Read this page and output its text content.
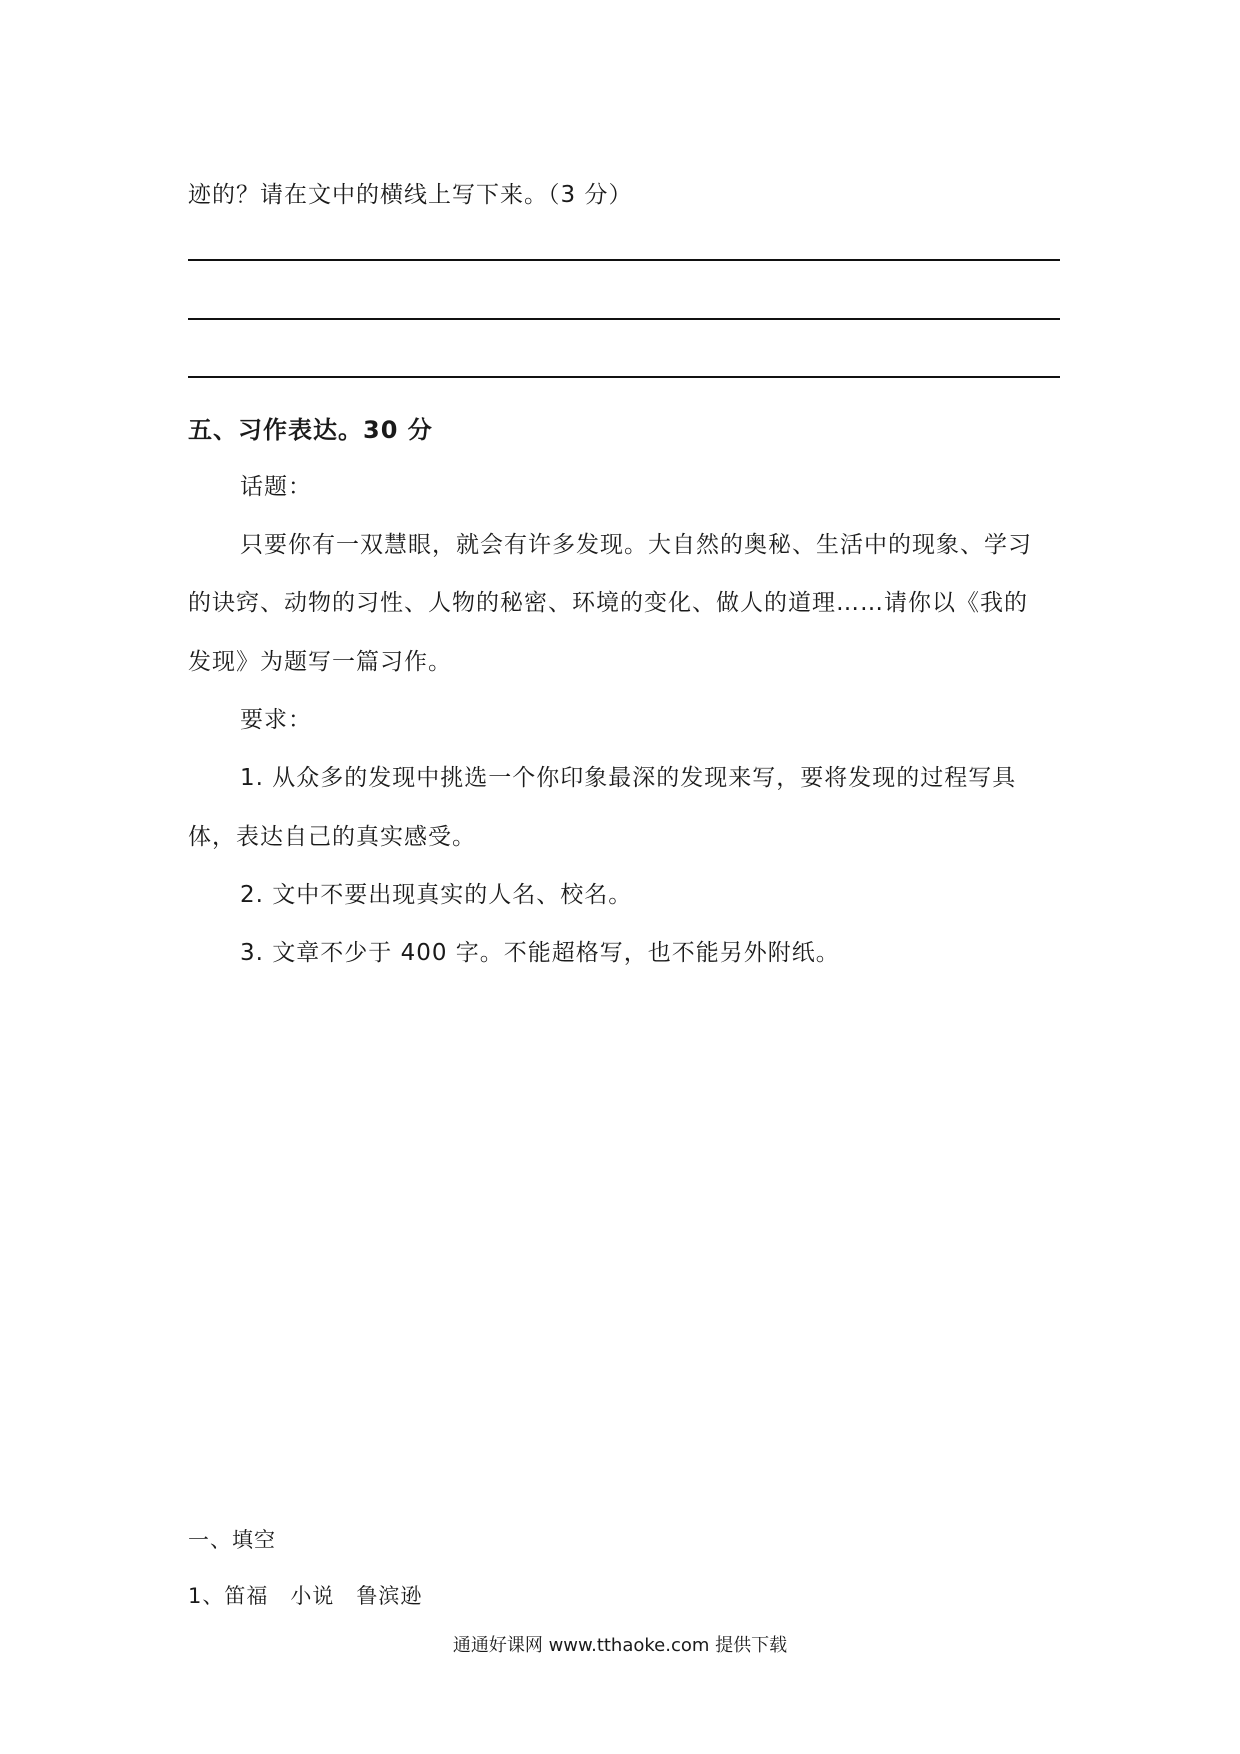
迹的？请在文中的横线上写下来。（3 分）
五、习作表达。30 分
话题：
只要你有一双慧眼，就会有许多发现。大自然的奥秘、生活中的现象、学习
的诀窍、动物的习性、人物的秘密、环境的变化、做人的道理……请你以《我的
发现》为题写一篇习作。
要求：
1. 从众多的发现中挑选一个你印象最深的发现来写，要将发现的过程写具
体，表达自己的真实感受。
2. 文中不要出现真实的人名、校名。
3. 文章不少于 400 字。不能超格写，也不能另外附纸。
一、填空
1、笛福　小说　鲁滨逊
通通好课网 www.tthaoke.com 提供下载
